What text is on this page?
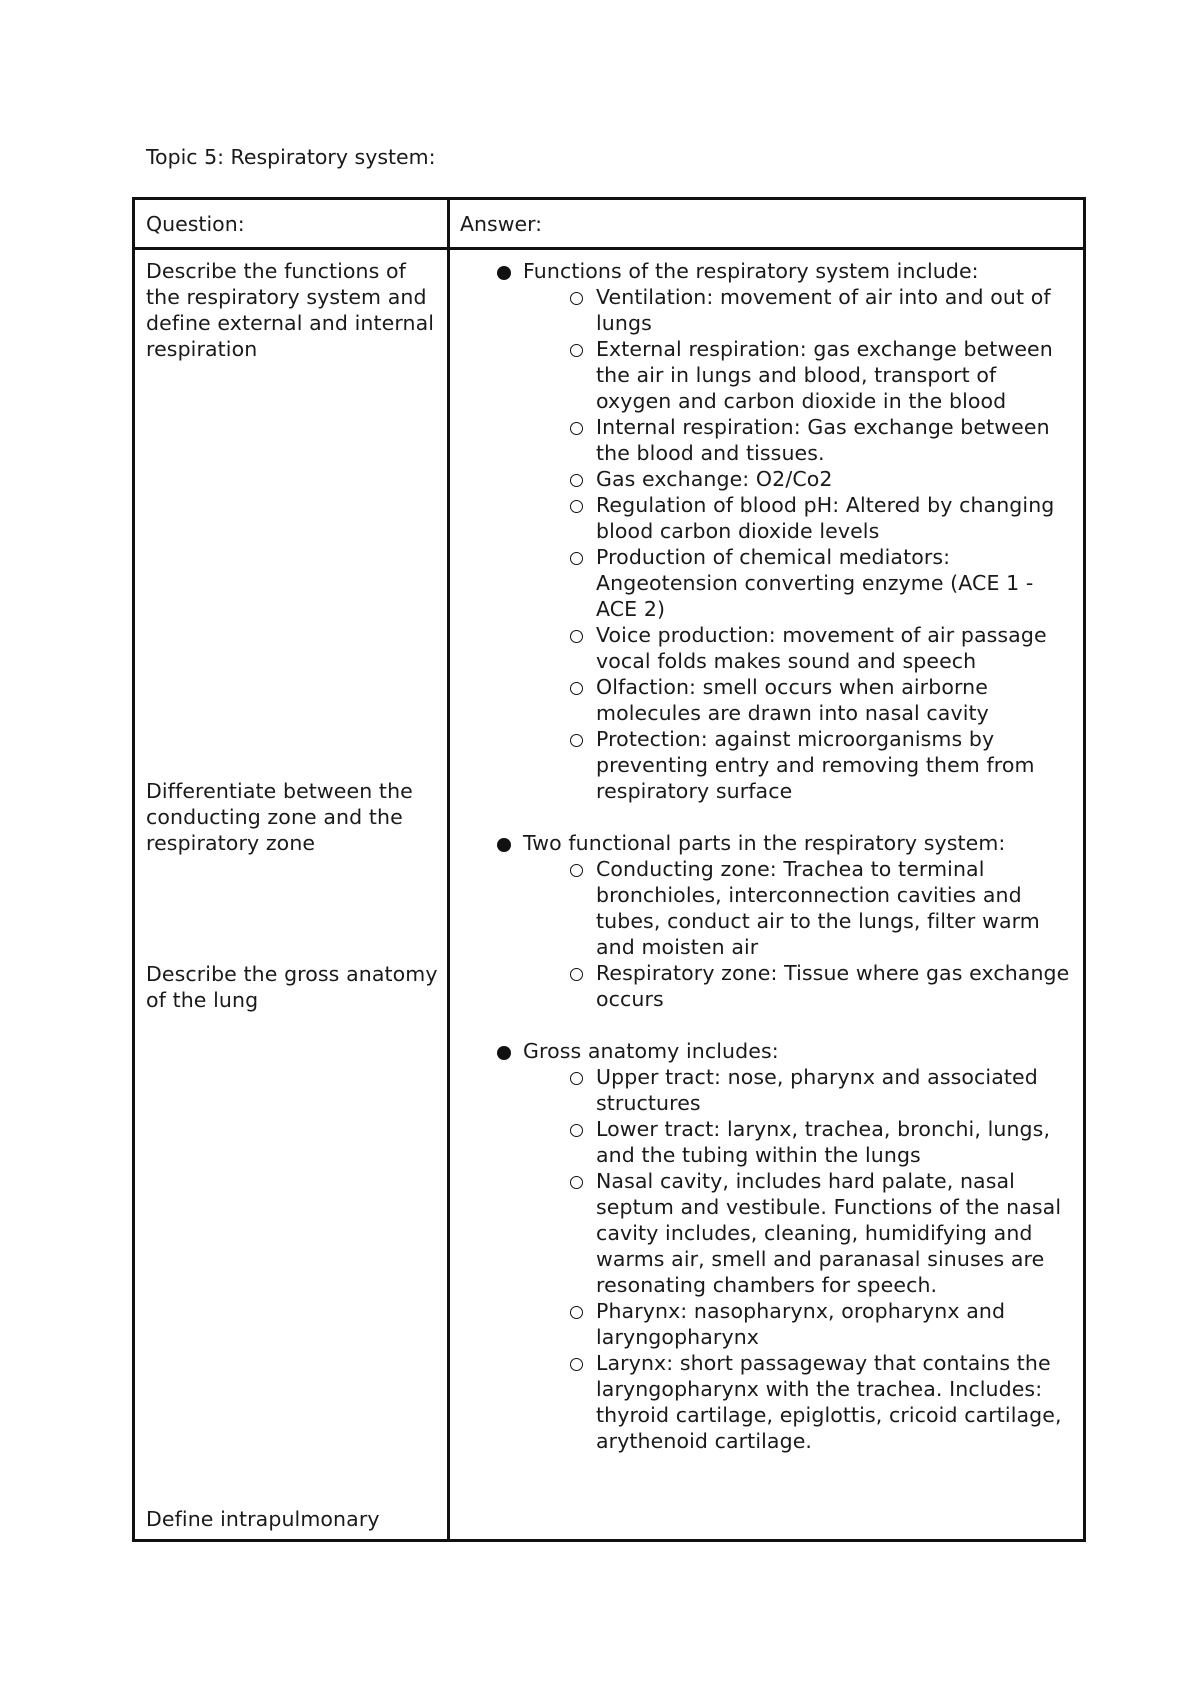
Topic 5: Respiratory system:
Question:	Answer:
Describe the functions of the respiratory system and define external and internal respiration
Differentiate between the conducting zone and the respiratory zone
Describe the gross anatomy of the lung
Define intrapulmonary
Functions of the respiratory system include:
Ventilation: movement of air into and out of lungs
External respiration: gas exchange between the air in lungs and blood, transport of oxygen and carbon dioxide in the blood
Internal respiration: Gas exchange between the blood and tissues.
Gas exchange: O2/Co2
Regulation of blood pH: Altered by changing blood carbon dioxide levels
Production of chemical mediators: Angeotension converting enzyme (ACE 1 - ACE 2)
Voice production: movement of air passage vocal folds makes sound and speech
Olfaction: smell occurs when airborne molecules are drawn into nasal cavity
Protection: against microorganisms by preventing entry and removing them from respiratory surface
Two functional parts in the respiratory system:
Conducting zone: Trachea to terminal bronchioles, interconnection cavities and tubes, conduct air to the lungs, filter warm and moisten air
Respiratory zone: Tissue where gas exchange occurs
Gross anatomy includes:
Upper tract: nose, pharynx and associated structures
Lower tract: larynx, trachea, bronchi, lungs, and the tubing within the lungs
Nasal cavity, includes hard palate, nasal septum and vestibule. Functions of the nasal cavity includes, cleaning, humidifying and warms air, smell and paranasal sinuses are resonating chambers for speech.
Pharynx: nasopharynx, oropharynx and laryngopharynx
Larynx: short passageway that contains the laryngopharynx with the trachea. Includes: thyroid cartilage, epiglottis, cricoid cartilage, arythenoid cartilage.
